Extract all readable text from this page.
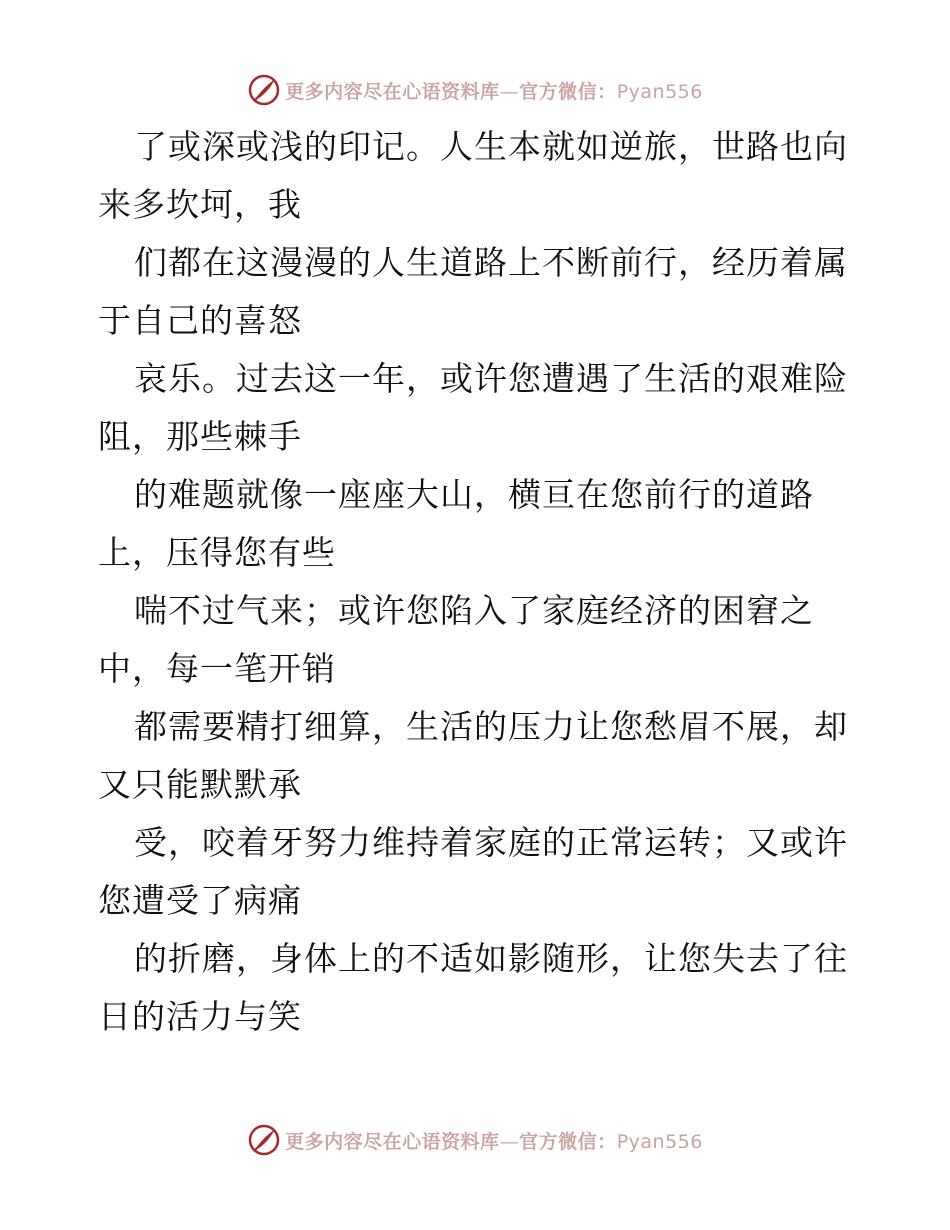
更多内容尽在心语资料库—官方微信：Pyan556
了或深或浅的印记。人生本就如逆旅，世路也向
来多坎坷，我
们都在这漫漫的人生道路上不断前行，经历着属
于自己的喜怒
哀乐。过去这一年，或许您遭遇了生活的艰难险
阻，那些棘手
的难题就像一座座大山，横亘在您前行的道路
上，压得您有些
喘不过气来；或许您陷入了家庭经济的困窘之
中，每一笔开销
都需要精打细算，生活的压力让您愁眉不展，却
又只能默默承
受，咬着牙努力维持着家庭的正常运转；又或许
您遭受了病痛
的折磨，身体上的不适如影随形，让您失去了往
日的活力与笑
更多内容尽在心语资料库—官方微信：Pyan556
